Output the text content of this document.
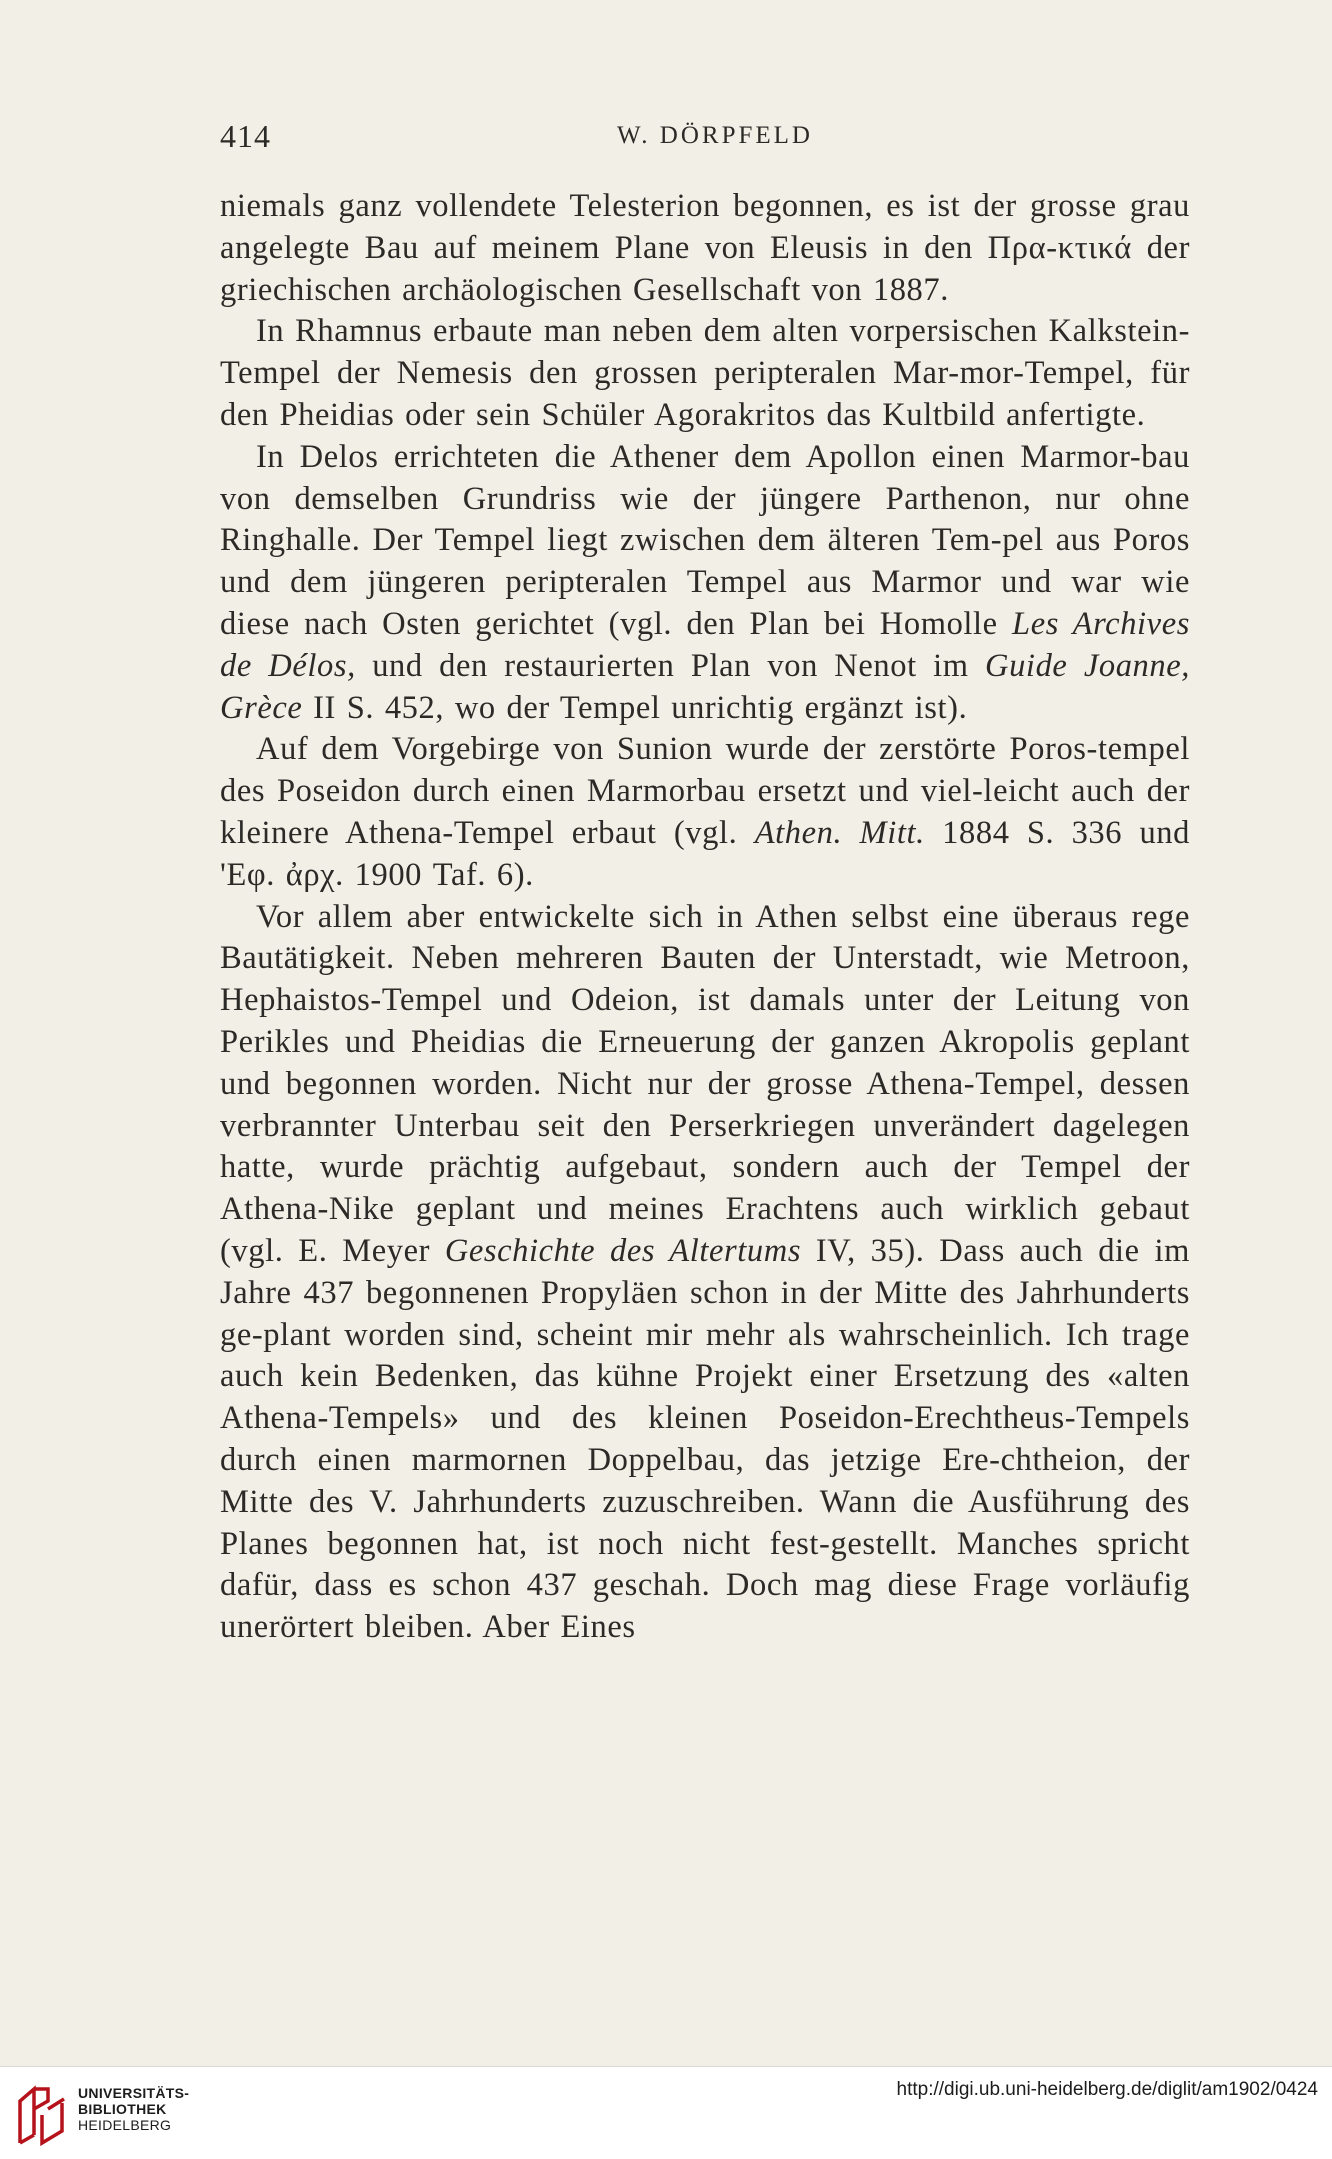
414	W. DÖRPFELD

niemals ganz vollendete Telesterion begonnen, es ist der grosse grau angelegte Bau auf meinem Plane von Eleusis in den Πρα-κτικά der griechischen archäologischen Gesellschaft von 1887.

In Rhamnus erbaute man neben dem alten vorpersischen Kalkstein-Tempel der Nemesis den grossen peripteralen Mar-mor-Tempel, für den Pheidias oder sein Schüler Agorakritos das Kultbild anfertigte.

In Delos errichteten die Athener dem Apollon einen Marmor-bau von demselben Grundriss wie der jüngere Parthenon, nur ohne Ringhalle. Der Tempel liegt zwischen dem älteren Tem-pel aus Poros und dem jüngeren peripteralen Tempel aus Marmor und war wie diese nach Osten gerichtet (vgl. den Plan bei Homolle Les Archives de Délos, und den restaurierten Plan von Nenot im Guide Joanne, Grèce II S. 452, wo der Tempel unrichtig ergänzt ist).

Auf dem Vorgebirge von Sunion wurde der zerstörte Poros-tempel des Poseidon durch einen Marmorbau ersetzt und viel-leicht auch der kleinere Athena-Tempel erbaut (vgl. Athen. Mitt. 1884 S. 336 und 'Εφ. ἀρχ. 1900 Taf. 6).

Vor allem aber entwickelte sich in Athen selbst eine überaus rege Bautätigkeit. Neben mehreren Bauten der Unterstadt, wie Metroon, Hephaistos-Tempel und Odeion, ist damals unter der Leitung von Perikles und Pheidias die Erneuerung der ganzen Akropolis geplant und begonnen worden. Nicht nur der grosse Athena-Tempel, dessen verbrannter Unterbau seit den Perserkriegen unverändert dagelegen hatte, wurde prächtig aufgebaut, sondern auch der Tempel der Athena-Nike geplant und meines Erachtens auch wirklich gebaut (vgl. E. Meyer Geschichte des Altertums IV, 35). Dass auch die im Jahre 437 begonnenen Propyläen schon in der Mitte des Jahrhunderts ge-plant worden sind, scheint mir mehr als wahrscheinlich. Ich trage auch kein Bedenken, das kühne Projekt einer Ersetzung des «alten Athena-Tempels» und des kleinen Poseidon-Erechtheus-Tempels durch einen marmornen Doppelbau, das jetzige Ere-chtheion, der Mitte des V. Jahrhunderts zuzuschreiben. Wann die Ausführung des Planes begonnen hat, ist noch nicht fest-gestellt. Manches spricht dafür, dass es schon 437 geschah. Doch mag diese Frage vorläufig unerörtert bleiben. Aber Eines

UNIVERSITÄTS-
BIBLIOTHEK
HEIDELBERG
http://digi.ub.uni-heidelberg.de/diglit/am1902/0424
